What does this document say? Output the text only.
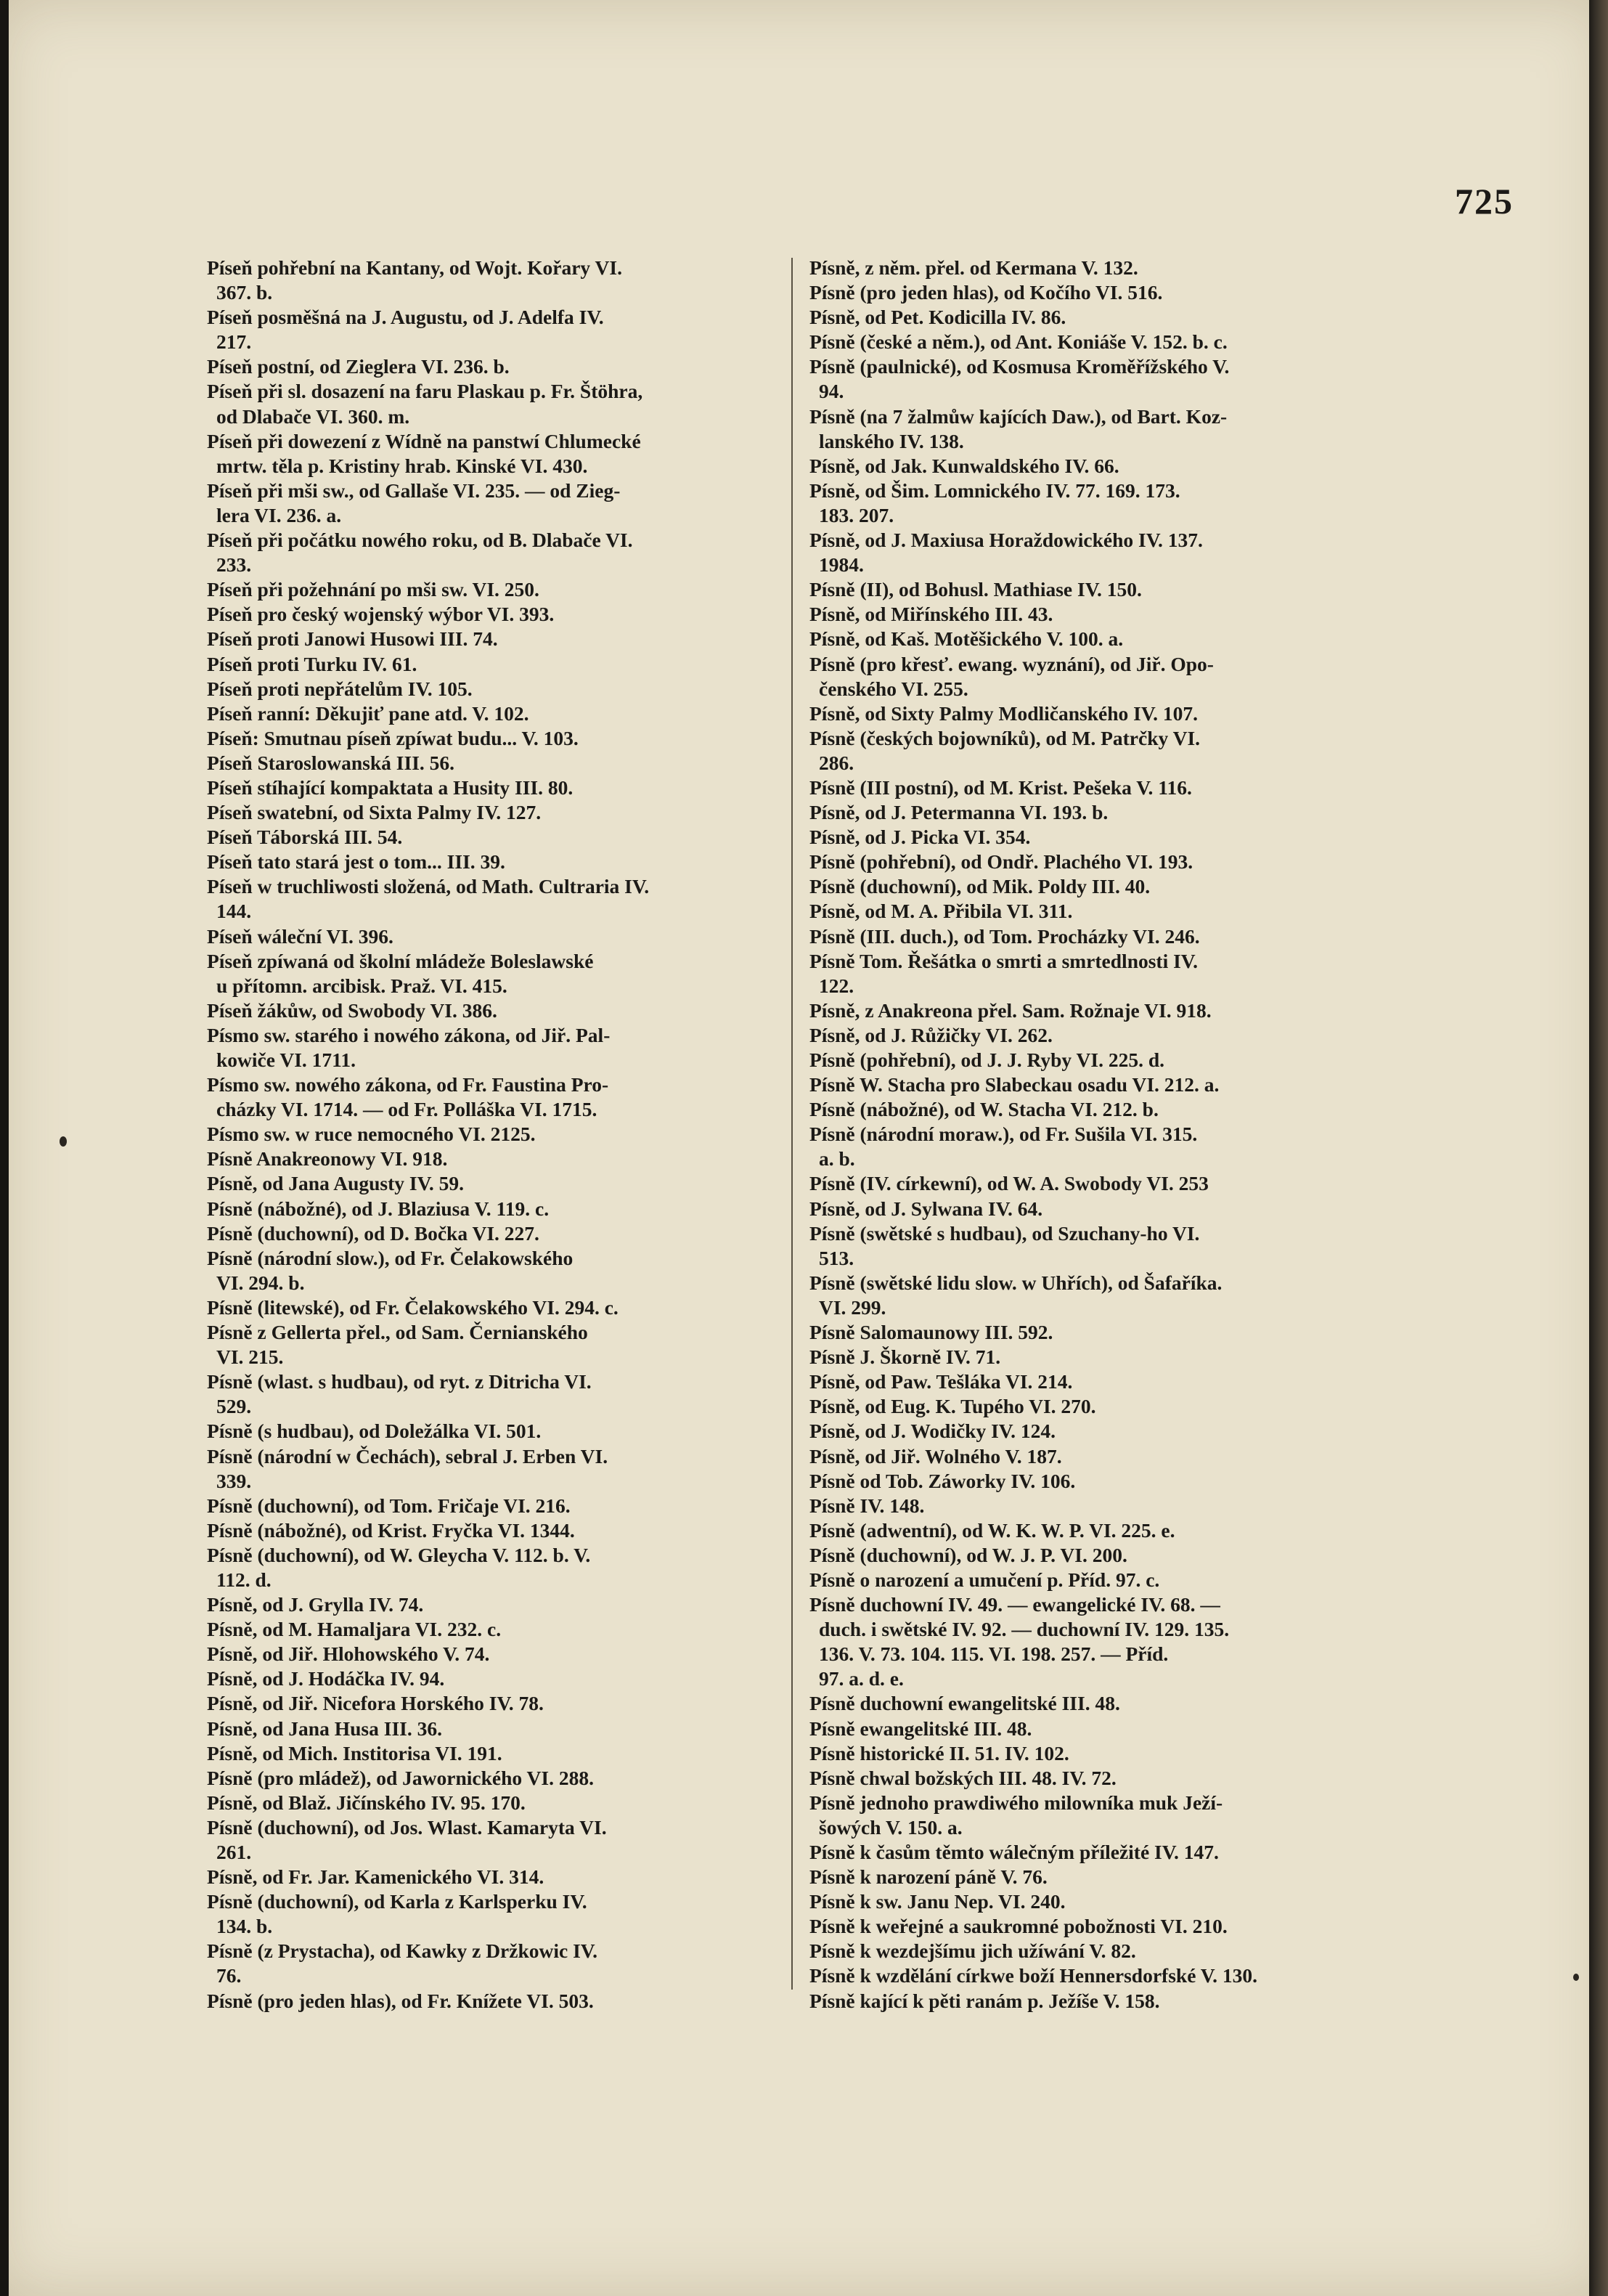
725
Píseň pohřební na Kantany, od Wojt. Kořary VI.
367. b.
Píseň posměšná na J. Augustu, od J. Adelfa IV.
217.
Píseň postní, od Zieglera VI. 236. b.
Píseň při sl. dosazení na faru Plaskau p. Fr. Štöhra,
od Dlabače VI. 360. m.
Píseň při dowezení z Wídně na panstwí Chlumecké
mrtw. těla p. Kristiny hrab. Kinské VI. 430.
Píseň při mši sw., od Gallaše VI. 235. — od Zieg-
lera VI. 236. a.
Píseň při počátku nowého roku, od B. Dlabače VI.
233.
Píseň při požehnání po mši sw. VI. 250.
Píseň pro český wojenský wýbor VI. 393.
Píseň proti Janowi Husowi III. 74.
Píseň proti Turku IV. 61.
Píseň proti nepřátelům IV. 105.
Píseň ranní: Děkujiť pane atd. V. 102.
Píseň: Smutnau píseň zpíwat budu... V. 103.
Píseň Staroslowanská III. 56.
Píseň stíhající kompaktata a Husity III. 80.
Píseň swatební, od Sixta Palmy IV. 127.
Píseň Táborská III. 54.
Píseň tato stará jest o tom... III. 39.
Píseň w truchliwosti složená, od Math. Cultraria IV.
144.
Píseň wáleční VI. 396.
Píseň zpíwaná od školní mládeže Boleslawské
u přítomn. arcibisk. Praž. VI. 415.
Píseň žákůw, od Swobody VI. 386.
Písmo sw. starého i nowého zákona, od Jiř. Pal-
kowiče VI. 1711.
Písmo sw. nowého zákona, od Fr. Faustina Pro-
cházky VI. 1714. — od Fr. Polláška VI. 1715.
Písmo sw. w ruce nemocného VI. 2125.
Písně Anakreonowy VI. 918.
Písně, od Jana Augusty IV. 59.
Písně (nábožné), od J. Blaziusa V. 119. c.
Písně (duchowní), od D. Bočka VI. 227.
Písně (národní slow.), od Fr. Čelakowského
VI. 294. b.
Písně (litewské), od Fr. Čelakowského VI. 294. c.
Písně z Gellerta přel., od Sam. Černianského
VI. 215.
Písně (wlast. s hudbau), od ryt. z Ditricha VI.
529.
Písně (s hudbau), od Doležálka VI. 501.
Písně (národní w Čechách), sebral J. Erben VI.
339.
Písně (duchowní), od Tom. Fričaje VI. 216.
Písně (nábožné), od Krist. Fryčka VI. 1344.
Písně (duchowní), od W. Gleycha V. 112. b. V.
112. d.
Písně, od J. Grylla IV. 74.
Písně, od M. Hamaljara VI. 232. c.
Písně, od Jiř. Hlohowského V. 74.
Písně, od J. Hodáčka IV. 94.
Písně, od Jiř. Nicefora Horského IV. 78.
Písně, od Jana Husa III. 36.
Písně, od Mich. Institorisa VI. 191.
Písně (pro mládež), od Jawornického VI. 288.
Písně, od Blaž. Jičínského IV. 95. 170.
Písně (duchowní), od Jos. Wlast. Kamaryta VI.
261.
Písně, od Fr. Jar. Kamenického VI. 314.
Písně (duchowní), od Karla z Karlsperku IV.
134. b.
Písně (z Prystacha), od Kawky z Držkowic IV.
76.
Písně (pro jeden hlas), od Fr. Knížete VI. 503.
Písně, z něm. přel. od Kermana V. 132.
Písně (pro jeden hlas), od Kočího VI. 516.
Písně, od Pet. Kodicilla IV. 86.
Písně (české a něm.), od Ant. Koniáše V. 152. b. c.
Písně (paulnické), od Kosmusa Kroměřížského V.
94.
Písně (na 7 žalmůw kajících Daw.), od Bart. Koz-
lanského IV. 138.
Písně, od Jak. Kunwaldského IV. 66.
Písně, od Šim. Lomnického IV. 77. 169. 173.
183. 207.
Písně, od J. Maxiusa Horaždowického IV. 137.
1984.
Písně (II), od Bohusl. Mathiase IV. 150.
Písně, od Miřínského III. 43.
Písně, od Kaš. Motěšického V. 100. a.
Písně (pro křesť. ewang. wyznání), od Jiř. Opo-
čenského VI. 255.
Písně, od Sixty Palmy Modličanského IV. 107.
Písně (českých bojowníků), od M. Patrčky VI.
286.
Písně (III postní), od M. Krist. Pešeka V. 116.
Písně, od J. Petermanna VI. 193. b.
Písně, od J. Picka VI. 354.
Písně (pohřební), od Ondř. Plachého VI. 193.
Písně (duchowní), od Mik. Poldy III. 40.
Písně, od M. A. Přibila VI. 311.
Písně (III. duch.), od Tom. Procházky VI. 246.
Písně Tom. Řešátka o smrti a smrtedlnosti IV.
122.
Písně, z Anakreona přel. Sam. Rožnaje VI. 918.
Písně, od J. Růžičky VI. 262.
Písně (pohřební), od J. J. Ryby VI. 225. d.
Písně W. Stacha pro Slabeckau osadu VI. 212. a.
Písně (nábožné), od W. Stacha VI. 212. b.
Písně (národní moraw.), od Fr. Sušila VI. 315.
a. b.
Písně (IV. církewní), od W. A. Swobody VI. 253
Písně, od J. Sylwana IV. 64.
Písně (swětské s hudbau), od Szuchany-ho VI.
513.
Písně (swětské lidu slow. w Uhřích), od Šafaříka.
VI. 299.
Písně Salomaunowy III. 592.
Písně J. Škorně IV. 71.
Písně, od Paw. Tešláka VI. 214.
Písně, od Eug. K. Tupého VI. 270.
Písně, od J. Wodičky IV. 124.
Písně, od Jiř. Wolného V. 187.
Písně od Tob. Záworky IV. 106.
Písně IV. 148.
Písně (adwentní), od W. K. W. P. VI. 225. e.
Písně (duchowní), od W. J. P. VI. 200.
Písně o narození a umučení p. Příd. 97. c.
Písně duchowní IV. 49. — ewangelické IV. 68. —
duch. i swětské IV. 92. — duchowní IV. 129. 135.
136. V. 73. 104. 115. VI. 198. 257. — Příd.
97. a. d. e.
Písně duchowní ewangelitské III. 48.
Písně ewangelitské III. 48.
Písně historické II. 51. IV. 102.
Písně chwal božských III. 48. IV. 72.
Písně jednoho prawdiwého milowníka muk Ježí-
šowých V. 150. a.
Písně k časům těmto wálečným příležité IV. 147.
Písně k narození páně V. 76.
Písně k sw. Janu Nep. VI. 240.
Písně k weřejné a saukromné pobožnosti VI. 210.
Písně k wezdejšímu jich užíwání V. 82.
Písně k wzdělání církwe boží Hennersdorfské V. 130.
Písně kající k pěti ranám p. Ježíše V. 158.
